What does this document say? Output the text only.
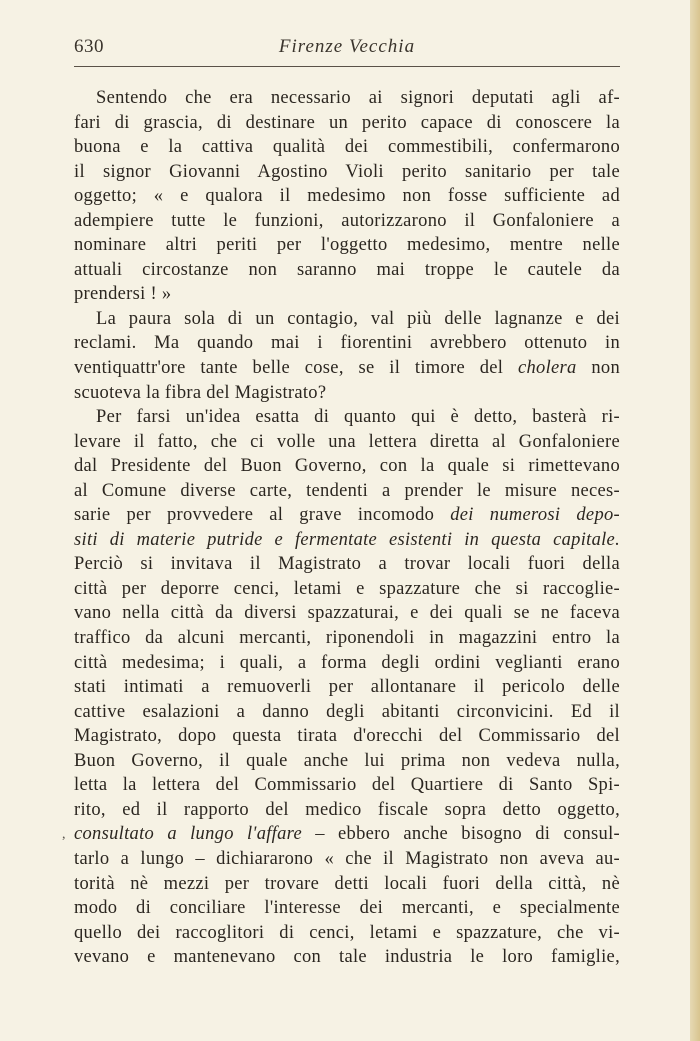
630	Firenze Vecchia
,
Sentendo che era necessario ai signori deputati agli af-
fari di grascia, di destinare un perito capace di conoscere la
buona e la cattiva qualità dei commestibili, confermarono
il signor Giovanni Agostino Violi perito sanitario per tale
oggetto; « e qualora il medesimo non fosse sufficiente ad
adempiere tutte le funzioni, autorizzarono il Gonfaloniere a
nominare altri periti per l'oggetto medesimo, mentre nelle
attuali circostanze non saranno mai troppe le cautele da
prendersi ! »
La paura sola di un contagio, val più delle lagnanze e dei
reclami. Ma quando mai i fiorentini avrebbero ottenuto in
ventiquattr'ore tante belle cose, se il timore del cholera non
scuoteva la fibra del Magistrato?
Per farsi un'idea esatta di quanto qui è detto, basterà ri-
levare il fatto, che ci volle una lettera diretta al Gonfaloniere
dal Presidente del Buon Governo, con la quale si rimettevano
al Comune diverse carte, tendenti a prender le misure neces-
sarie per provvedere al grave incomodo dei numerosi depo-
siti di materie putride e fermentate esistenti in questa capitale.
Perciò si invitava il Magistrato a trovar locali fuori della
città per deporre cenci, letami e spazzature che si raccoglie-
vano nella città da diversi spazzaturai, e dei quali se ne faceva
traffico da alcuni mercanti, riponendoli in magazzini entro la
città medesima; i quali, a forma degli ordini veglianti erano
stati intimati a remuoverli per allontanare il pericolo delle
cattive esalazioni a danno degli abitanti circonvicini. Ed il
Magistrato, dopo questa tirata d'orecchi del Commissario del
Buon Governo, il quale anche lui prima non vedeva nulla,
letta la lettera del Commissario del Quartiere di Santo Spi-
rito, ed il rapporto del medico fiscale sopra detto oggetto,
consultato a lungo l'affare – ebbero anche bisogno di consul-
tarlo a lungo – dichiararono « che il Magistrato non aveva au-
torità nè mezzi per trovare detti locali fuori della città, nè
modo di conciliare l'interesse dei mercanti, e specialmente
quello dei raccoglitori di cenci, letami e spazzature, che vi-
vevano e mantenevano con tale industria le loro famiglie,
